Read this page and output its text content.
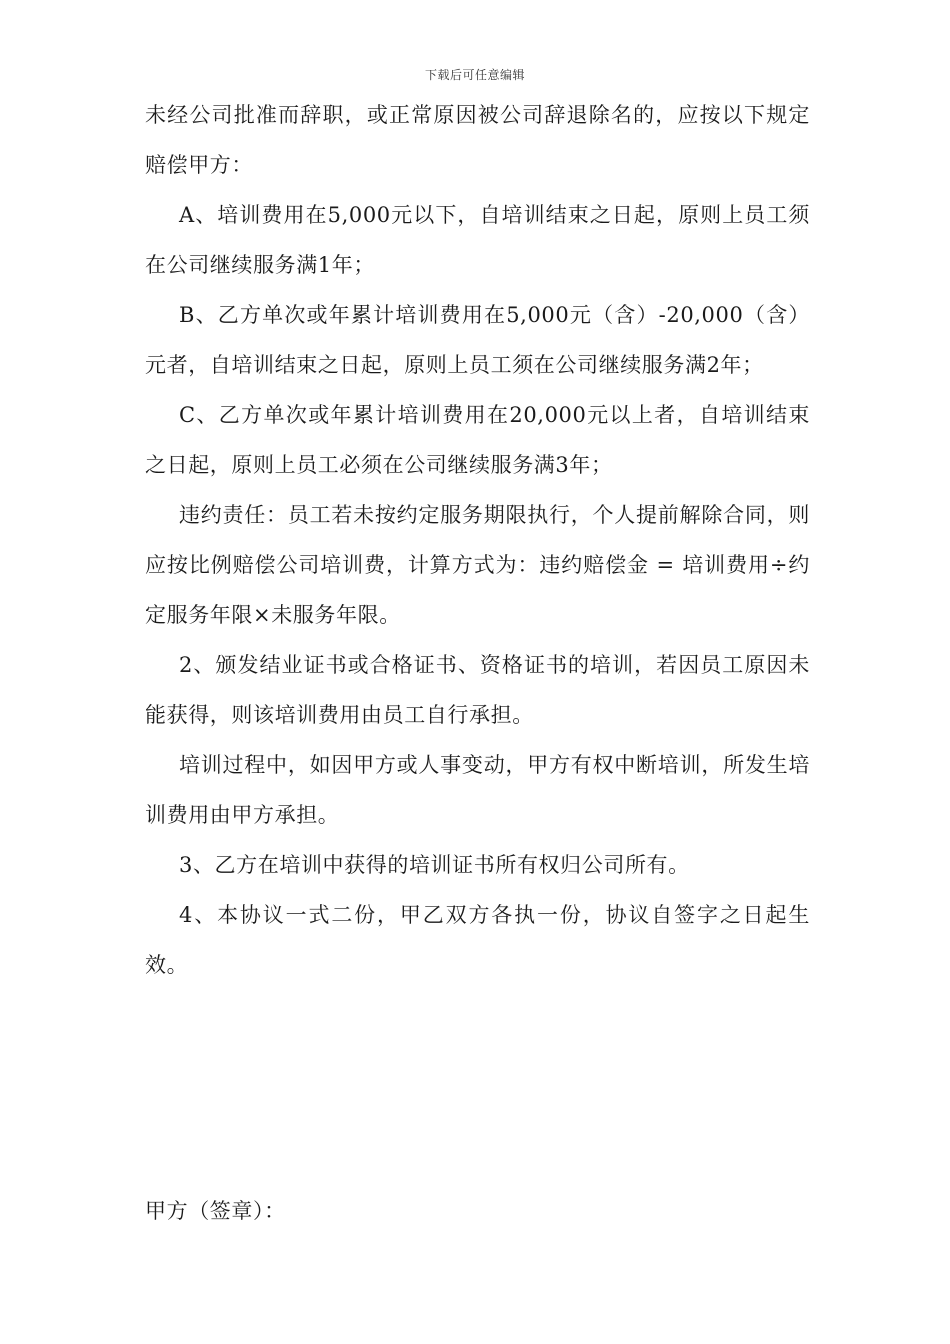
下载后可任意编辑

未经公司批准而辞职，或正常原因被公司辞退除名的，应按以下规定赔偿甲方：

A、培训费用在5,000元以下，自培训结束之日起，原则上员工须在公司继续服务满1年；

B、乙方单次或年累计培训费用在5,000元（含）-20,000（含）元者，自培训结束之日起，原则上员工须在公司继续服务满2年；

C、乙方单次或年累计培训费用在20,000元以上者，自培训结束之日起，原则上员工必须在公司继续服务满3年；

违约责任：员工若未按约定服务期限执行，个人提前解除合同，则应按比例赔偿公司培训费，计算方式为：违约赔偿金 = 培训费用÷约定服务年限×未服务年限。

2、颁发结业证书或合格证书、资格证书的培训，若因员工原因未能获得，则该培训费用由员工自行承担。

培训过程中，如因甲方或人事变动，甲方有权中断培训，所发生培训费用由甲方承担。

3、乙方在培训中获得的培训证书所有权归公司所有。

4、本协议一式二份，甲乙双方各执一份，协议自签字之日起生效。

甲方（签章）：
